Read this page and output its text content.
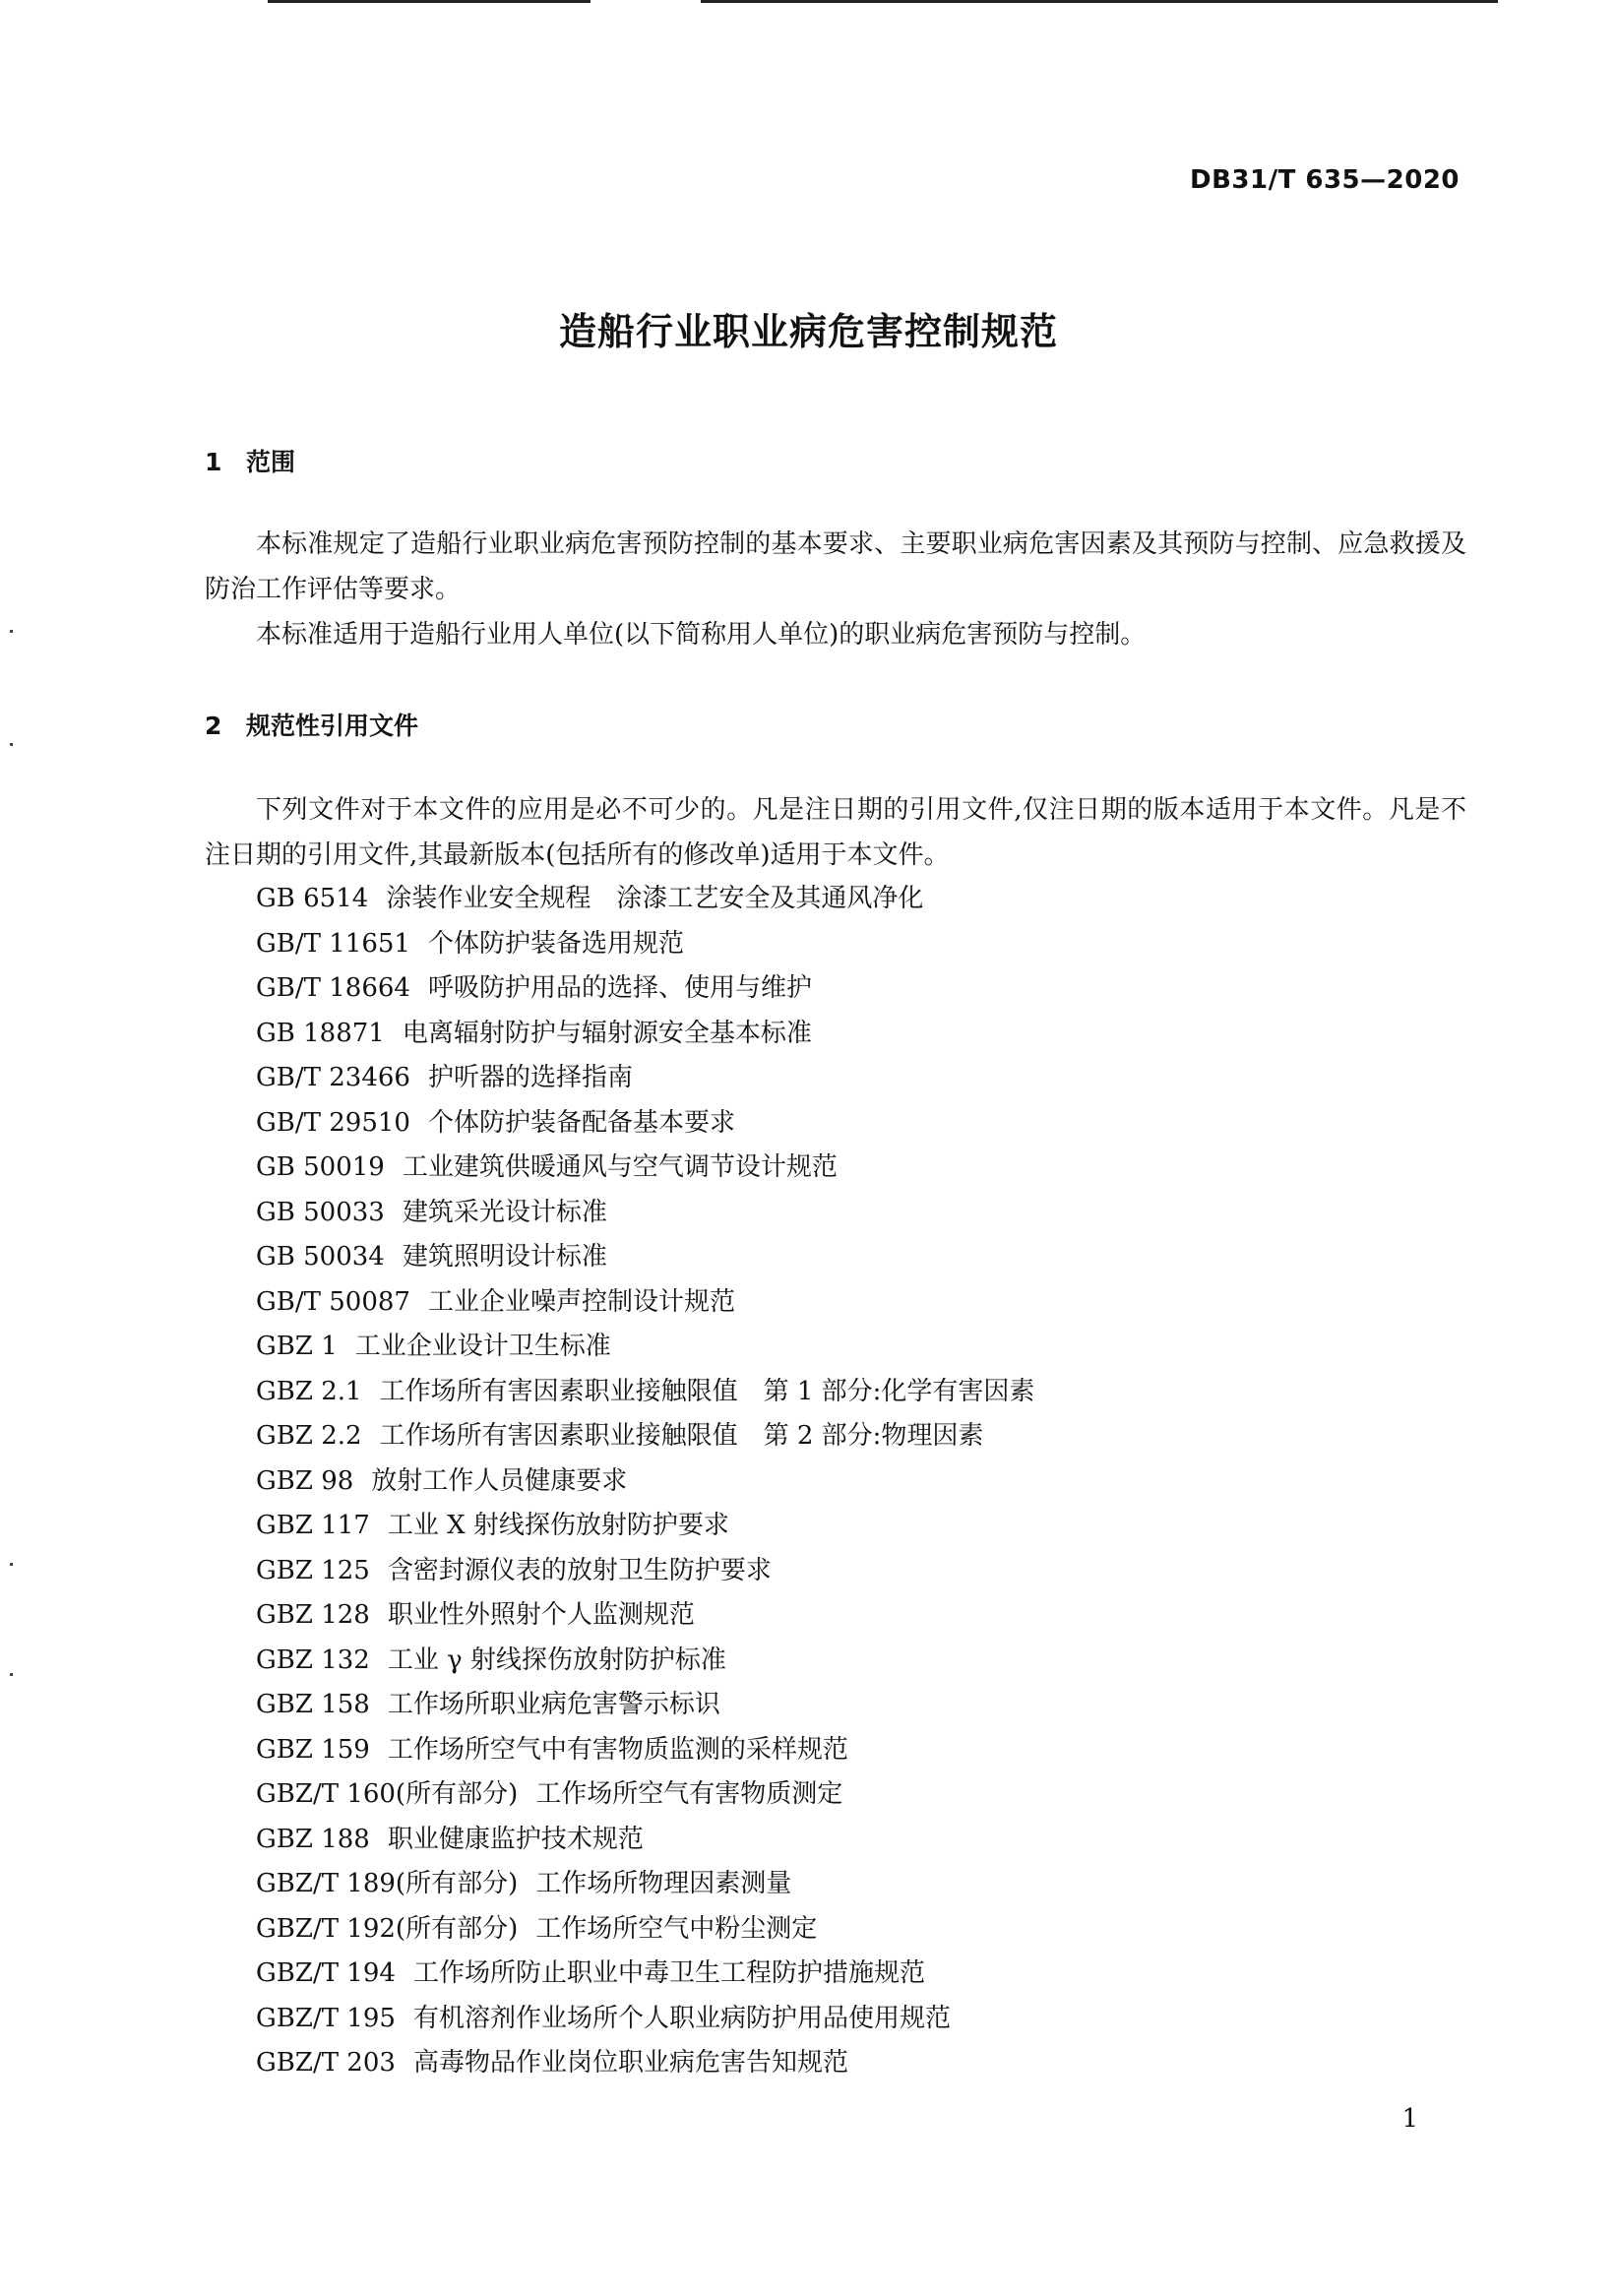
DB31/T 635—2020
造船行业职业病危害控制规范
1 范围

本标准规定了造船行业职业病危害预防控制的基本要求、主要职业病危害因素及其预防与控制、应急救援及防治工作评估等要求。

本标准适用于造船行业用人单位(以下简称用人单位)的职业病危害预防与控制。

2 规范性引用文件

下列文件对于本文件的应用是必不可少的。凡是注日期的引用文件,仅注日期的版本适用于本文件。凡是不注日期的引用文件,其最新版本(包括所有的修改单)适用于本文件。

GB 6514 涂装作业安全规程　涂漆工艺安全及其通风净化
GB/T 11651 个体防护装备选用规范
GB/T 18664 呼吸防护用品的选择、使用与维护
GB 18871 电离辐射防护与辐射源安全基本标准
GB/T 23466 护听器的选择指南
GB/T 29510 个体防护装备配备基本要求
GB 50019 工业建筑供暖通风与空气调节设计规范
GB 50033 建筑采光设计标准
GB 50034 建筑照明设计标准
GB/T 50087 工业企业噪声控制设计规范
GBZ 1 工业企业设计卫生标准
GBZ 2.1 工作场所有害因素职业接触限值　第 1 部分:化学有害因素
GBZ 2.2 工作场所有害因素职业接触限值　第 2 部分:物理因素
GBZ 98 放射工作人员健康要求
GBZ 117 工业 X 射线探伤放射防护要求
GBZ 125 含密封源仪表的放射卫生防护要求
GBZ 128 职业性外照射个人监测规范
GBZ 132 工业 γ 射线探伤放射防护标准
GBZ 158 工作场所职业病危害警示标识
GBZ 159 工作场所空气中有害物质监测的采样规范
GBZ/T 160(所有部分) 工作场所空气有害物质测定
GBZ 188 职业健康监护技术规范
GBZ/T 189(所有部分) 工作场所物理因素测量
GBZ/T 192(所有部分) 工作场所空气中粉尘测定
GBZ/T 194 工作场所防止职业中毒卫生工程防护措施规范
GBZ/T 195 有机溶剂作业场所个人职业病防护用品使用规范
GBZ/T 203 高毒物品作业岗位职业病危害告知规范
1
